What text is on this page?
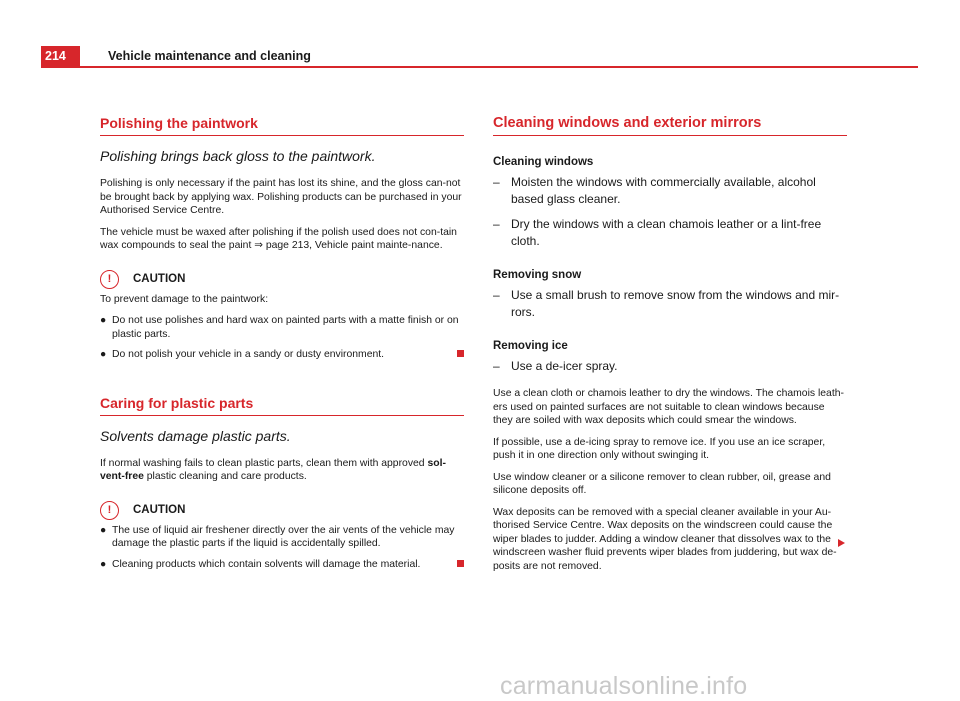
214	Vehicle maintenance and cleaning
Polishing the paintwork
Polishing brings back gloss to the paintwork.

Polishing is only necessary if the paint has lost its shine, and the gloss can-not be brought back by applying wax. Polishing products can be purchased in your Authorised Service Centre.

The vehicle must be waxed after polishing if the polish used does not con-tain wax compounds to seal the paint ⇒ page 213, Vehicle paint mainte-nance.

!	CAUTION

To prevent damage to the paintwork:

● Do not use polishes and hard wax on painted parts with a matte finish or on plastic parts.
● Do not polish your vehicle in a sandy or dusty environment.
Caring for plastic parts
Solvents damage plastic parts.

If normal washing fails to clean plastic parts, clean them with approved sol-vent-free plastic cleaning and care products.

!	CAUTION
● The use of liquid air freshener directly over the air vents of the vehicle may damage the plastic parts if the liquid is accidentally spilled.
● Cleaning products which contain solvents will damage the material.
Cleaning windows and exterior mirrors
Cleaning windows
– Moisten the windows with commercially available, alcohol based glass cleaner.
– Dry the windows with a clean chamois leather or a lint-free cloth.
Removing snow
– Use a small brush to remove snow from the windows and mir-rors.
Removing ice
– Use a de-icer spray.

Use a clean cloth or chamois leather to dry the windows. The chamois leath-ers used on painted surfaces are not suitable to clean windows because they are soiled with wax deposits which could smear the windows.

If possible, use a de-icing spray to remove ice. If you use an ice scraper, push it in one direction only without swinging it.

Use window cleaner or a silicone remover to clean rubber, oil, grease and silicone deposits off.

Wax deposits can be removed with a special cleaner available in your Au-thorised Service Centre. Wax deposits on the windscreen could cause the wiper blades to judder. Adding a window cleaner that dissolves wax to the windscreen washer fluid prevents wiper blades from juddering, but wax de-posits are not removed.

carmanualsonline.info
